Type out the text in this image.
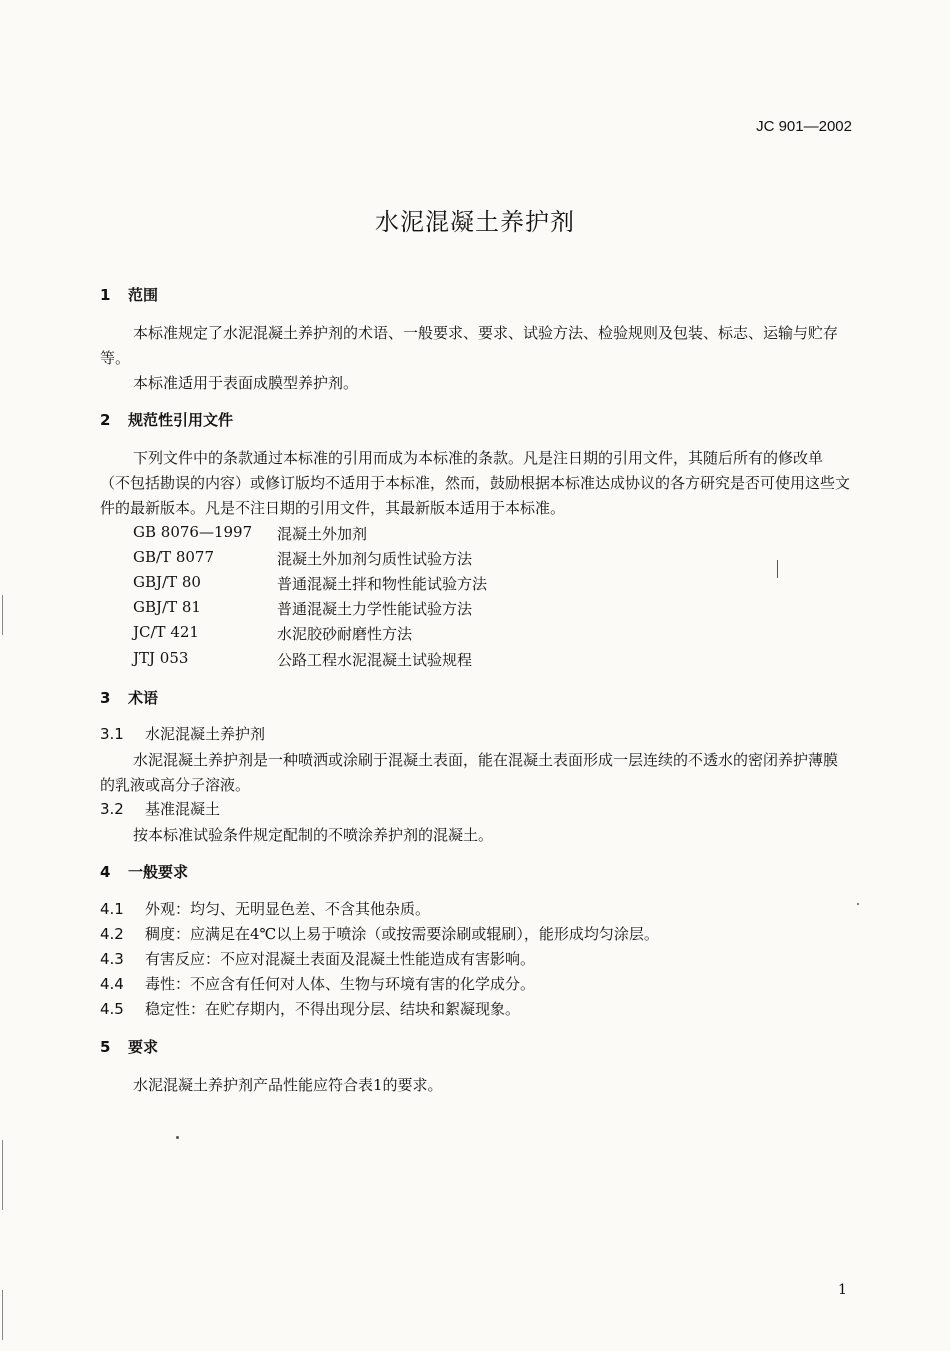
JC 901—2002
水泥混凝土养护剂
1 范围
本标准规定了水泥混凝土养护剂的术语、一般要求、要求、试验方法、检验规则及包装、标志、运输与贮存等。
本标准适用于表面成膜型养护剂。
2 规范性引用文件
下列文件中的条款通过本标准的引用而成为本标准的条款。凡是注日期的引用文件，其随后所有的修改单（不包括勘误的内容）或修订版均不适用于本标准，然而，鼓励根据本标准达成协议的各方研究是否可使用这些文件的最新版本。凡是不注日期的引用文件，其最新版本适用于本标准。
GB 8076—1997 混凝土外加剂
GB/T 8077	混凝土外加剂匀质性试验方法
GBJ/T 80	普通混凝土拌和物性能试验方法
GBJ/T 81	普通混凝土力学性能试验方法
JC/T 421	水泥胶砂耐磨性方法
JTJ 053	公路工程水泥混凝土试验规程
3 术语
3.1 水泥混凝土养护剂
水泥混凝土养护剂是一种喷洒或涂刷于混凝土表面，能在混凝土表面形成一层连续的不透水的密闭养护薄膜的乳液或高分子溶液。
3.2 基准混凝土
按本标准试验条件规定配制的不喷涂养护剂的混凝土。
4 一般要求
4.1 外观：均匀、无明显色差、不含其他杂质。
4.2 稠度：应满足在4℃以上易于喷涂（或按需要涂刷或辊刷），能形成均匀涂层。
4.3 有害反应：不应对混凝土表面及混凝土性能造成有害影响。
4.4 毒性：不应含有任何对人体、生物与环境有害的化学成分。
4.5 稳定性：在贮存期内，不得出现分层、结块和絮凝现象。
5 要求
水泥混凝土养护剂产品性能应符合表1的要求。
1
